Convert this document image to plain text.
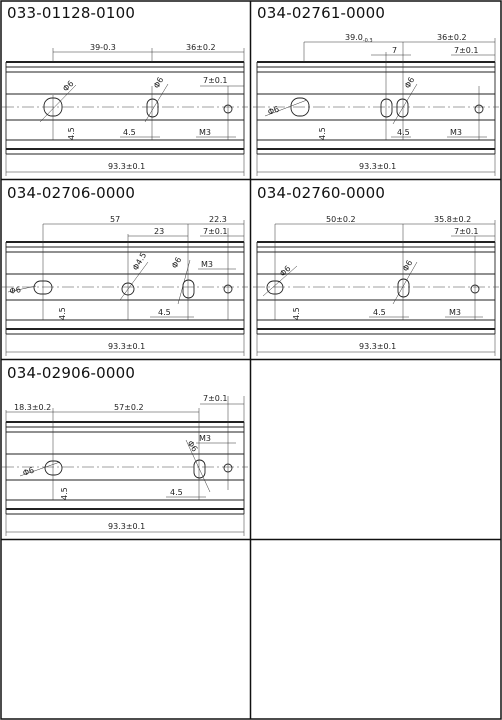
033-01128-0100
39-0.3	36±0.2
7±0.1
Φ6	Φ6
4.5	4.5	M3
93.3±0.1
034-02761-0000
$39.0_{-0.3}$
7
36±0.2
7±0.1
Φ6
Φ6
4.5	4.5	M3
93.3±0.1
034-02706-0000
57	22.3
23	7±0.1
Φ4.5	Φ6
Φ6
M3
4.5	4.5
93.3±0.1
034-02760-0000
50±0.2	35.8±0.2
7±0.1
Φ6	Φ6
4.5	4.5	M3
93.3±0.1
034-02906-0000
7±0.1
18.3±0.2	57±0.2
M3
Φ6
Φ6
4.5	4.5
93.3±0.1
